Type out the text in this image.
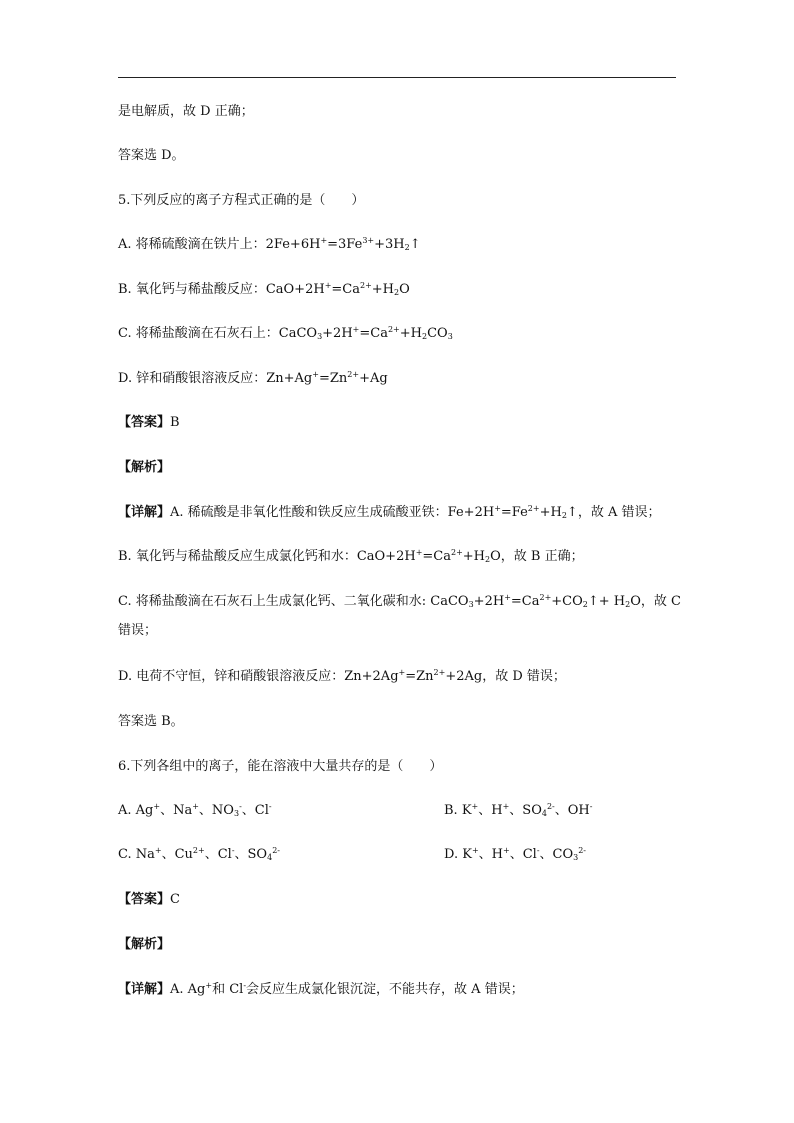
是电解质，故 D 正确；
答案选 D。
5.下列反应的离子方程式正确的是（　　）
A. 将稀硫酸滴在铁片上：$2Fe+6H^+=3Fe^{3+}+3H_2↑$
B. 氧化钙与稀盐酸反应：$CaO+2H^+=Ca^{2+}+H_2O$
C. 将稀盐酸滴在石灰石上：$CaCO_3+2H^+=Ca^{2+}+H_2CO_3$
D. 锌和硝酸银溶液反应：$Zn+Ag^+=Zn^{2+}+Ag$
【答案】B
【解析】
【详解】A. 稀硫酸是非氧化性酸和铁反应生成硫酸亚铁：$Fe+2H^+=Fe^{2+}+H_2↑$，故 A 错误；
B. 氧化钙与稀盐酸反应生成氯化钙和水：$CaO+2H^+=Ca^{2+}+H_2O$，故 B 正确；
C. 将稀盐酸滴在石灰石上生成氯化钙、二氧化碳和水: $CaCO_3+2H^+=Ca^{2+}+CO_2↑+ H_2O$，故 C
错误；
D. 电荷不守恒，锌和硝酸银溶液反应：$Zn+2Ag^+=Zn^{2+}+2Ag$，故 D 错误；
答案选 B。
6.下列各组中的离子，能在溶液中大量共存的是（　　）
A. Ag+、Na+、$NO_3^-$、Cl-	B. K+、H+、$SO_4^{2-}$、OH-
C. Na+、$Cu^{2+}$、Cl-、$SO_4^{2-}$	D. K+、H+、Cl-、$CO_3^{2-}$
【答案】C
【解析】
【详解】A. Ag+和 Cl-会反应生成氯化银沉淀，不能共存，故 A 错误；
